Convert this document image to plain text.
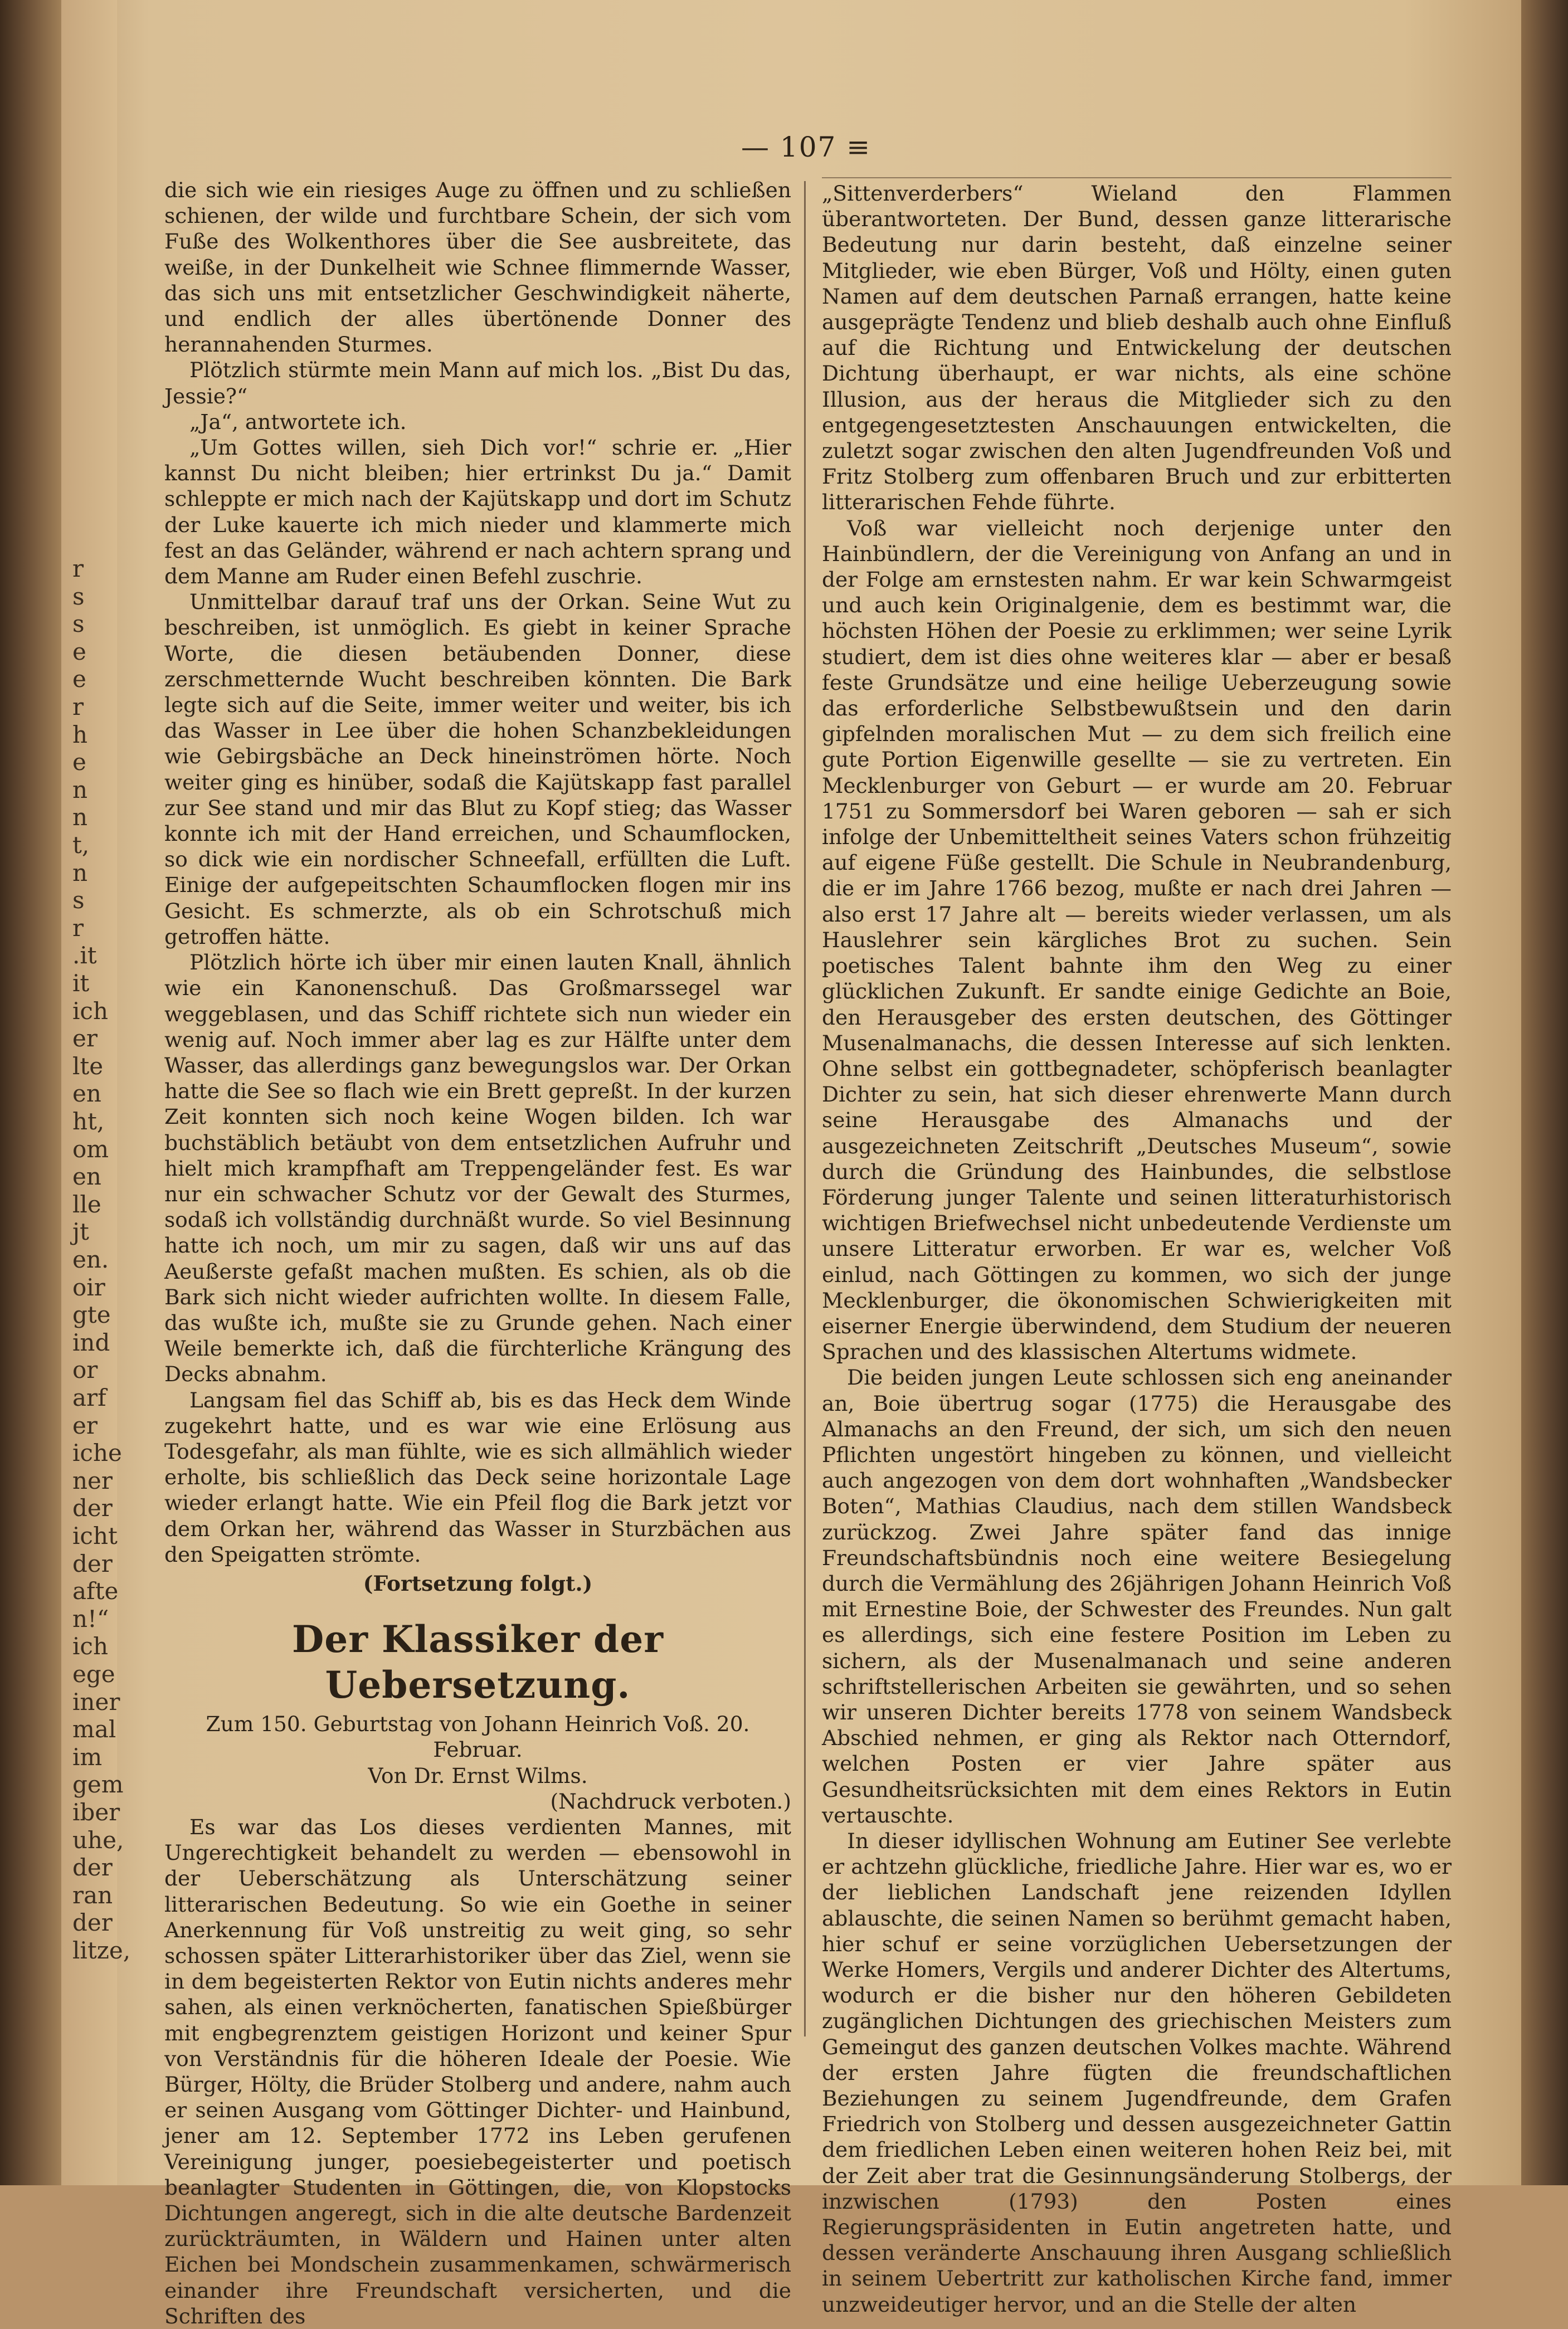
r
s
s
e
e
r
h
e
n
n
t,
n
s
r
.it
it
ich
er
lte
en
ht,
om
en
lle
jt
en.
oir
gte
ind
or
arf
er
iche
ner
der
icht
der
afte
n!“
ich
ege
iner
mal
im
gem
iber
uhe,
der
ran
der
litze,
— 107 ≡

die sich wie ein riesiges Auge zu öffnen und zu schließen schienen, der wilde und furchtbare Schein, der sich vom Fuße des Wolkenthores über die See ausbreitete, das weiße, in der Dunkelheit wie Schnee flimmernde Wasser, das sich uns mit entsetzlicher Geschwindigkeit näherte, und endlich der alles übertönende Donner des herannahenden Sturmes.

Plötzlich stürmte mein Mann auf mich los. „Bist Du das, Jessie?“

„Ja“, antwortete ich.

„Um Gottes willen, sieh Dich vor!“ schrie er. „Hier kannst Du nicht bleiben; hier ertrinkst Du ja.“ Damit schleppte er mich nach der Kajütskapp und dort im Schutz der Luke kauerte ich mich nieder und klammerte mich fest an das Geländer, während er nach achtern sprang und dem Manne am Ruder einen Befehl zuschrie.

Unmittelbar darauf traf uns der Orkan. Seine Wut zu beschreiben, ist unmöglich. Es giebt in keiner Sprache Worte, die diesen betäubenden Donner, diese zerschmetternde Wucht beschreiben könnten. Die Bark legte sich auf die Seite, immer weiter und weiter, bis ich das Wasser in Lee über die hohen Schanzbekleidungen wie Gebirgsbäche an Deck hineinströmen hörte. Noch weiter ging es hinüber, sodaß die Kajütskapp fast parallel zur See stand und mir das Blut zu Kopf stieg; das Wasser konnte ich mit der Hand erreichen, und Schaumflocken, so dick wie ein nordischer Schneefall, erfüllten die Luft. Einige der aufgepeitschten Schaumflocken flogen mir ins Gesicht. Es schmerzte, als ob ein Schrotschuß mich getroffen hätte.

Plötzlich hörte ich über mir einen lauten Knall, ähnlich wie ein Kanonenschuß. Das Großmarssegel war weggeblasen, und das Schiff richtete sich nun wieder ein wenig auf. Noch immer aber lag es zur Hälfte unter dem Wasser, das allerdings ganz bewegungslos war. Der Orkan hatte die See so flach wie ein Brett gepreßt. In der kurzen Zeit konnten sich noch keine Wogen bilden. Ich war buchstäblich betäubt von dem entsetzlichen Aufruhr und hielt mich krampfhaft am Treppengeländer fest. Es war nur ein schwacher Schutz vor der Gewalt des Sturmes, sodaß ich vollständig durchnäßt wurde. So viel Besinnung hatte ich noch, um mir zu sagen, daß wir uns auf das Aeußerste gefaßt machen mußten. Es schien, als ob die Bark sich nicht wieder aufrichten wollte. In diesem Falle, das wußte ich, mußte sie zu Grunde gehen. Nach einer Weile bemerkte ich, daß die fürchterliche Krängung des Decks abnahm.

Langsam fiel das Schiff ab, bis es das Heck dem Winde zugekehrt hatte, und es war wie eine Erlösung aus Todesgefahr, als man fühlte, wie es sich allmählich wieder erholte, bis schließlich das Deck seine horizontale Lage wieder erlangt hatte. Wie ein Pfeil flog die Bark jetzt vor dem Orkan her, während das Wasser in Sturzbächen aus den Speigatten strömte.

(Fortsetzung folgt.)

Der Klassiker der Uebersetzung.

Zum 150. Geburtstag von Johann Heinrich Voß. 20. Februar.

Von Dr. Ernst Wilms.

(Nachdruck verboten.)

Es war das Los dieses verdienten Mannes, mit Ungerechtigkeit behandelt zu werden — ebensowohl in der Ueberschätzung als Unterschätzung seiner litterarischen Bedeutung. So wie ein Goethe in seiner Anerkennung für Voß unstreitig zu weit ging, so sehr schossen später Litterarhistoriker über das Ziel, wenn sie in dem begeisterten Rektor von Eutin nichts anderes mehr sahen, als einen verknöcherten, fanatischen Spießbürger mit engbegrenztem geistigen Horizont und keiner Spur von Verständnis für die höheren Ideale der Poesie. Wie Bürger, Hölty, die Brüder Stolberg und andere, nahm auch er seinen Ausgang vom Göttinger Dichter- und Hainbund, jener am 12. September 1772 ins Leben gerufenen Vereinigung junger, poesiebegeisterter und poetisch beanlagter Studenten in Göttingen, die, von Klopstocks Dichtungen angeregt, sich in die alte deutsche Bardenzeit zurückträumten, in Wäldern und Hainen unter alten Eichen bei Mondschein zusammenkamen, schwärmerisch einander ihre Freundschaft versicherten, und die Schriften des

„Sittenverderbers“ Wieland den Flammen überantworteten. Der Bund, dessen ganze litterarische Bedeutung nur darin besteht, daß einzelne seiner Mitglieder, wie eben Bürger, Voß und Hölty, einen guten Namen auf dem deutschen Parnaß errangen, hatte keine ausgeprägte Tendenz und blieb deshalb auch ohne Einfluß auf die Richtung und Entwickelung der deutschen Dichtung überhaupt, er war nichts, als eine schöne Illusion, aus der heraus die Mitglieder sich zu den entgegengesetztesten Anschauungen entwickelten, die zuletzt sogar zwischen den alten Jugendfreunden Voß und Fritz Stolberg zum offenbaren Bruch und zur erbitterten litterarischen Fehde führte.

Voß war vielleicht noch derjenige unter den Hainbündlern, der die Vereinigung von Anfang an und in der Folge am ernstesten nahm. Er war kein Schwarmgeist und auch kein Originalgenie, dem es bestimmt war, die höchsten Höhen der Poesie zu erklimmen; wer seine Lyrik studiert, dem ist dies ohne weiteres klar — aber er besaß feste Grundsätze und eine heilige Ueberzeugung sowie das erforderliche Selbstbewußtsein und den darin gipfelnden moralischen Mut — zu dem sich freilich eine gute Portion Eigenwille gesellte — sie zu vertreten. Ein Mecklenburger von Geburt — er wurde am 20. Februar 1751 zu Sommersdorf bei Waren geboren — sah er sich infolge der Unbemitteltheit seines Vaters schon frühzeitig auf eigene Füße gestellt. Die Schule in Neubrandenburg, die er im Jahre 1766 bezog, mußte er nach drei Jahren — also erst 17 Jahre alt — bereits wieder verlassen, um als Hauslehrer sein kärgliches Brot zu suchen. Sein poetisches Talent bahnte ihm den Weg zu einer glücklichen Zukunft. Er sandte einige Gedichte an Boie, den Herausgeber des ersten deutschen, des Göttinger Musenalmanachs, die dessen Interesse auf sich lenkten. Ohne selbst ein gottbegnadeter, schöpferisch beanlagter Dichter zu sein, hat sich dieser ehrenwerte Mann durch seine Herausgabe des Almanachs und der ausgezeichneten Zeitschrift „Deutsches Museum“, sowie durch die Gründung des Hainbundes, die selbstlose Förderung junger Talente und seinen litteraturhistorisch wichtigen Briefwechsel nicht unbedeutende Verdienste um unsere Litteratur erworben. Er war es, welcher Voß einlud, nach Göttingen zu kommen, wo sich der junge Mecklenburger, die ökonomischen Schwierigkeiten mit eiserner Energie überwindend, dem Studium der neueren Sprachen und des klassischen Altertums widmete.

Die beiden jungen Leute schlossen sich eng aneinander an, Boie übertrug sogar (1775) die Herausgabe des Almanachs an den Freund, der sich, um sich den neuen Pflichten ungestört hingeben zu können, und vielleicht auch angezogen von dem dort wohnhaften „Wandsbecker Boten“, Mathias Claudius, nach dem stillen Wandsbeck zurückzog. Zwei Jahre später fand das innige Freundschaftsbündnis noch eine weitere Besiegelung durch die Vermählung des 26jährigen Johann Heinrich Voß mit Ernestine Boie, der Schwester des Freundes. Nun galt es allerdings, sich eine festere Position im Leben zu sichern, als der Musenalmanach und seine anderen schriftstellerischen Arbeiten sie gewährten, und so sehen wir unseren Dichter bereits 1778 von seinem Wandsbeck Abschied nehmen, er ging als Rektor nach Otterndorf, welchen Posten er vier Jahre später aus Gesundheitsrücksichten mit dem eines Rektors in Eutin vertauschte.

In dieser idyllischen Wohnung am Eutiner See verlebte er achtzehn glückliche, friedliche Jahre. Hier war es, wo er der lieblichen Landschaft jene reizenden Idyllen ablauschte, die seinen Namen so berühmt gemacht haben, hier schuf er seine vorzüglichen Uebersetzungen der Werke Homers, Vergils und anderer Dichter des Altertums, wodurch er die bisher nur den höheren Gebildeten zugänglichen Dichtungen des griechischen Meisters zum Gemeingut des ganzen deutschen Volkes machte. Während der ersten Jahre fügten die freundschaftlichen Beziehungen zu seinem Jugendfreunde, dem Grafen Friedrich von Stolberg und dessen ausgezeichneter Gattin dem friedlichen Leben einen weiteren hohen Reiz bei, mit der Zeit aber trat die Gesinnungsänderung Stolbergs, der inzwischen (1793) den Posten eines Regierungspräsidenten in Eutin angetreten hatte, und dessen veränderte Anschauung ihren Ausgang schließlich in seinem Uebertritt zur katholischen Kirche fand, immer unzweideutiger hervor, und an die Stelle der alten
